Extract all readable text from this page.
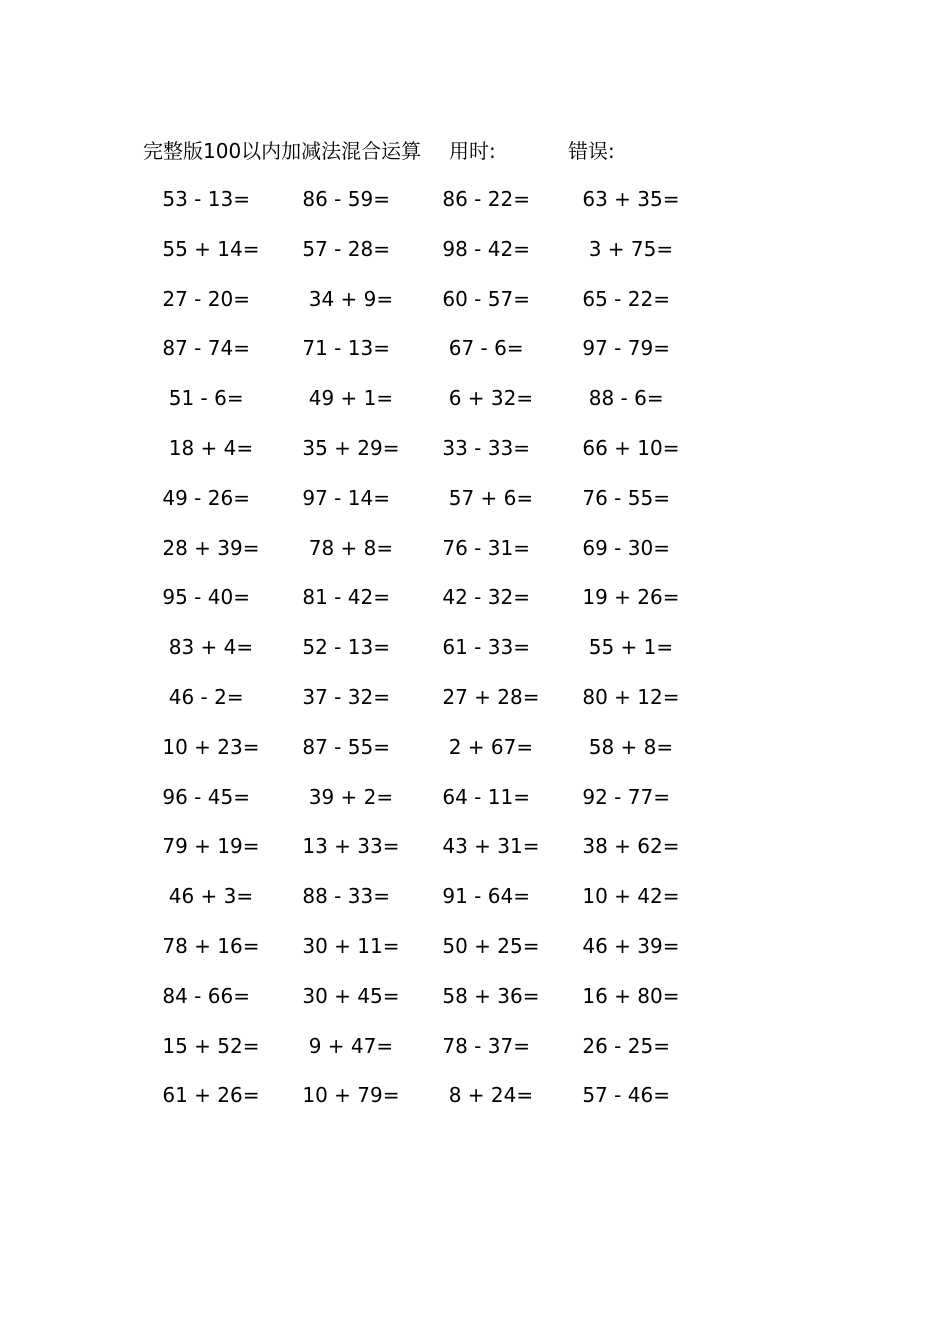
完整版100以内加减法混合运算 用时:	错误:
53 - 13= 86 - 59= 86 - 22= 63 + 35=
55 + 14= 57 - 28= 98 - 42= 3 + 75=
27 - 20= 34 + 9= 60 - 57= 65 - 22=
87 - 74= 71 - 13= 67 - 6=	97 - 79=
51 - 6=	49 + 1= 6 + 32= 88 - 6=
18 + 4= 35 + 29= 33 - 33= 66 + 10=
49 - 26= 97 - 14= 57 + 6= 76 - 55=
28 + 39= 78 + 8= 76 - 31= 69 - 30=
95 - 40= 81 - 42= 42 - 32= 19 + 26=
83 + 4= 52 - 13= 61 - 33= 55 + 1=
46 - 2=	37 - 32= 27 + 28= 80 + 12=
10 + 23= 87 - 55= 2 + 67= 58 + 8=
96 - 45= 39 + 2= 64 - 11= 92 - 77=
79 + 19= 13 + 33= 43 + 31= 38 + 62=
46 + 3= 88 - 33= 91 - 64= 10 + 42=
78 + 16= 30 + 11= 50 + 25= 46 + 39=
84 - 66= 30 + 45= 58 + 36= 16 + 80=
15 + 52= 9 + 47= 78 - 37= 26 - 25=
61 + 26= 10 + 79= 8 + 24= 57 - 46=
